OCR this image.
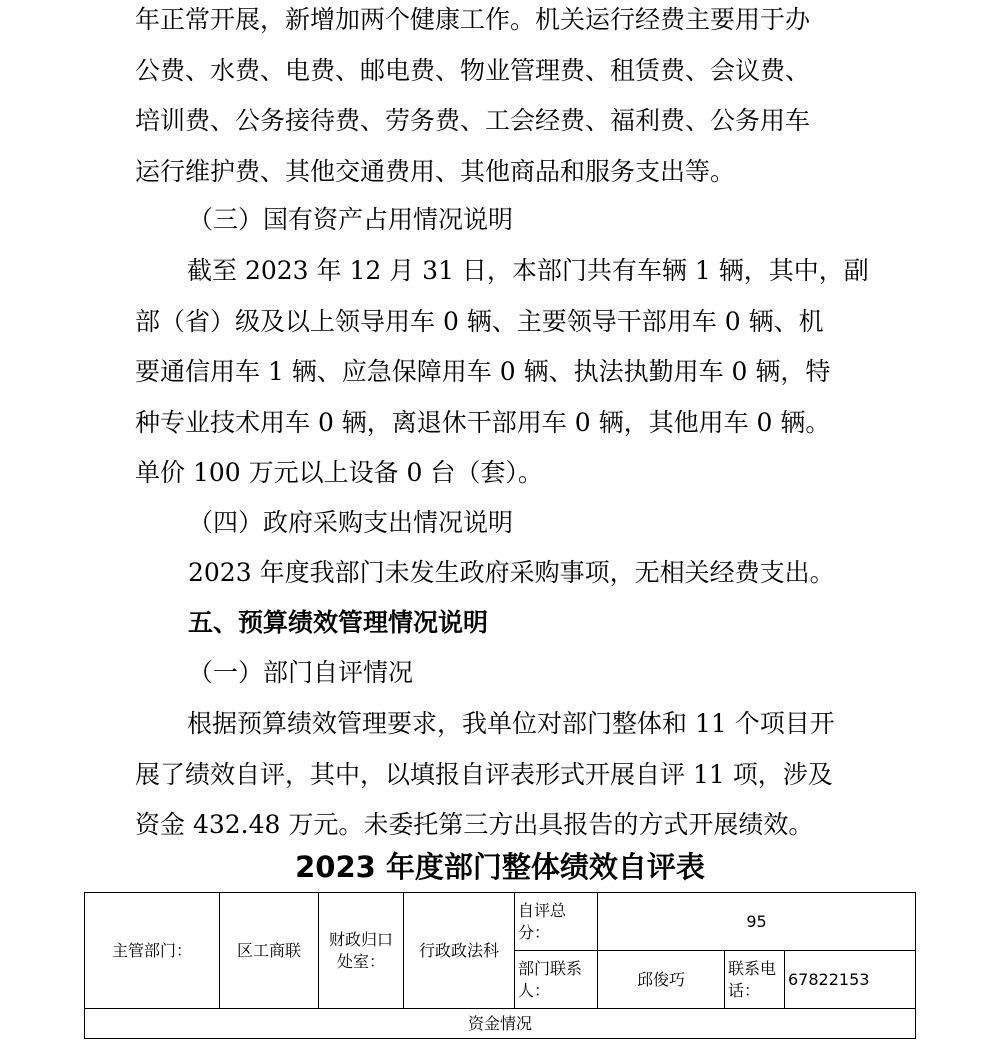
年正常开展，新增加两个健康工作。机关运行经费主要用于办
公费、水费、电费、邮电费、物业管理费、租赁费、会议费、
培训费、公务接待费、劳务费、工会经费、福利费、公务用车
运行维护费、其他交通费用、其他商品和服务支出等。

（三）国有资产占用情况说明

截至 2023 年 12 月 31 日，本部门共有车辆 1 辆，其中，副
部（省）级及以上领导用车 0 辆、主要领导干部用车 0 辆、机
要通信用车 1 辆、应急保障用车 0 辆、执法执勤用车 0 辆，特
种专业技术用车 0 辆，离退休干部用车 0 辆，其他用车 0 辆。
单价 100 万元以上设备 0 台（套）。

（四）政府采购支出情况说明

2023 年度我部门未发生政府采购事项，无相关经费支出。

五、预算绩效管理情况说明

（一）部门自评情况

根据预算绩效管理要求，我单位对部门整体和 11 个项目开
展了绩效自评，其中，以填报自评表形式开展自评 11 项，涉及
资金 432.48 万元。未委托第三方出具报告的方式开展绩效。

2023 年度部门整体绩效自评表

主管部门：	区工商联	财政归口处室：	行政政法科	自评总分：	95		
				部门联系人：	邱俊巧	联系电话：	67822153
资金情况							
